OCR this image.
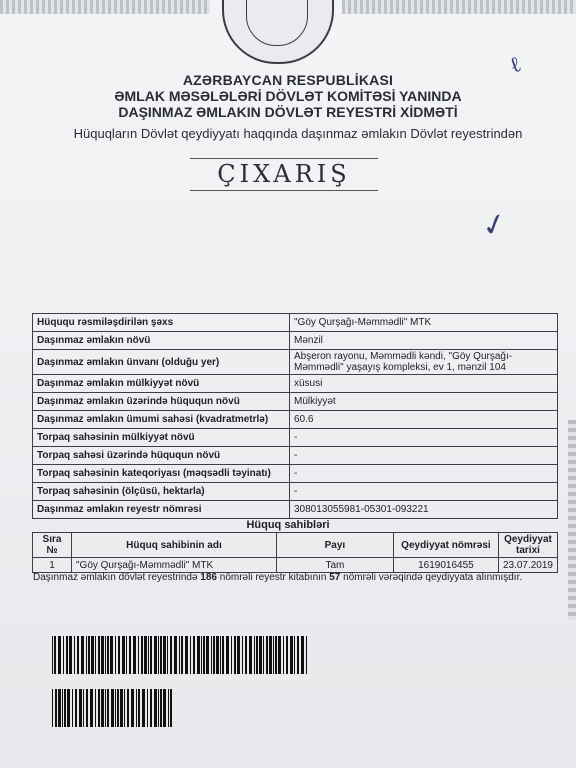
AZƏRBAYCAN RESPUBLİKASI
ƏMLAK MƏSƏLƏLƏRİ DÖVLƏT KOMİTƏSİ YANINDA
DAŞINMAZ ƏMLAKIN DÖVLƏT REYESTRİ XİDMƏTİ
Hüquqların Dövlət qeydiyyatı haqqında daşınmaz əmlakın Dövlət reyestrindən
ÇIXARIŞ
ℓ
✓
Hüququ rəsmiləşdirilən şəxs	"Göy Qurşağı-Məmmədli" MTK
Daşınmaz əmlakın növü	Mənzil
Daşınmaz əmlakın ünvanı (olduğu yer)	Abşeron rayonu, Məmmədli kəndi, "Göy Qurşağı-Məmmədli" yaşayış kompleksi, ev 1, mənzil 104
Daşınmaz əmlakın mülkiyyət növü	xüsusi
Daşınmaz əmlakın üzərində hüququn növü	Mülkiyyət
Daşınmaz əmlakın ümumi sahəsi (kvadratmetrlə)	60.6
Torpaq sahəsinin mülkiyyət növü	-
Torpaq sahəsi üzərində hüququn növü	-
Torpaq sahəsinin kateqoriyası (məqsədli təyinatı)	-
Torpaq sahəsinin (ölçüsü, hektarla)	-
Daşınmaz əmlakın reyestr nömrəsi	308013055981-05301-093221
Hüquq sahibləri
Sıra №	Hüquq sahibinin adı	Payı	Qeydiyyat nömrəsi	Qeydiyyat tarixi
1	"Göy Qurşağı-Məmmədli" MTK	Tam	1619016455	23.07.2019
Daşınmaz əmlakın dövlət reyestrində 186 nömrəli reyestr kitabının 57 nömrəli vərəqində qeydiyyata alınmışdır.
